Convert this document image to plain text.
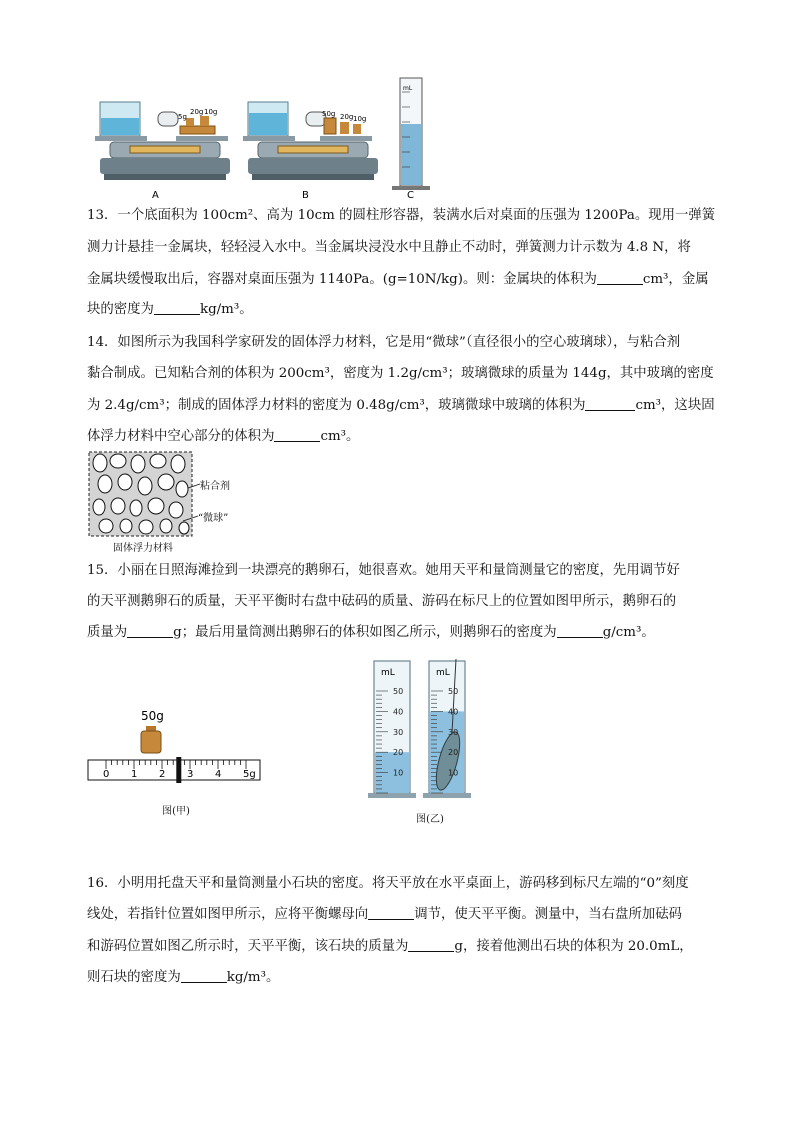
5g
20g 10g	50g 20g 10g
A	B
mL
C
13．一个底面积为 100cm²、高为 10cm 的圆柱形容器，装满水后对桌面的压强为 1200Pa。现用一弹簧
测力计悬挂一金属块，轻轻浸入水中。当金属块浸没水中且静止不动时，弹簧测力计示数为 4.8 N，将
金属块缓慢取出后，容器对桌面压强为 1140Pa。(g=10N/kg)。则：金属块的体积为	cm³，金属
块的密度为	kg/m³。
14．如图所示为我国科学家研发的固体浮力材料，它是用“微球”（直径很小的空心玻璃球），与粘合剂
黏合制成。已知粘合剂的体积为 200cm³，密度为 1.2g/cm³；玻璃微球的质量为 144g，其中玻璃的密度
为 2.4g/cm³；制成的固体浮力材料的密度为 0.48g/cm³，玻璃微球中玻璃的体积为	cm³，这块固
体浮力材料中空心部分的体积为	cm³。
粘合剂
“微球”
固体浮力材料
15．小丽在日照海滩捡到一块漂亮的鹅卵石，她很喜欢。她用天平和量筒测量它的密度，先用调节好
的天平测鹅卵石的质量，天平平衡时右盘中砝码的质量、游码在标尺上的位置如图甲所示，鹅卵石的
质量为	g；最后用量筒测出鹅卵石的体积如图乙所示，则鹅卵石的密度为	g/cm³。
50g
0 1 2 3 4 5g
图(甲)
mL	mL
50
40
30
20
10
50
40
30
20
10
图(乙)
16．小明用托盘天平和量筒测量小石块的密度。将天平放在水平桌面上，游码移到标尺左端的“0”刻度
线处，若指针位置如图甲所示，应将平衡螺母向	调节，使天平平衡。测量中，当右盘所加砝码
和游码位置如图乙所示时，天平平衡，该石块的质量为	g，接着他测出石块的体积为 20.0mL，
则石块的密度为	kg/m³。
